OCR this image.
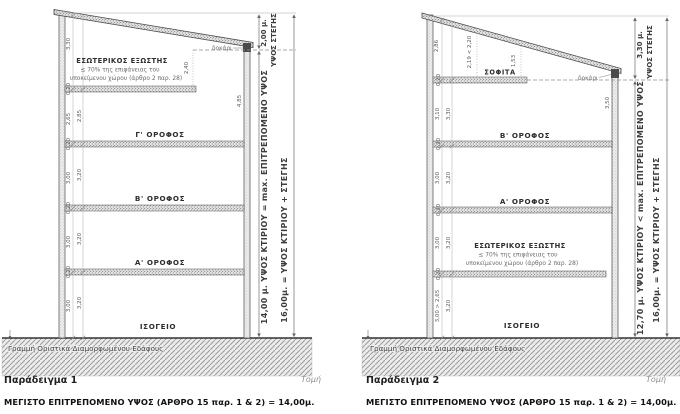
3,00
0,20
3,20
3,00
0,20
3,20
3,00
0,20
3,20
2,65
0,20
2,85
3,30
2,40
4,85
ΙΣΟΓΕΙΟ
Α' ΟΡΟΦΟΣ
Β' ΟΡΟΦΟΣ
Γ' ΟΡΟΦΟΣ
ΕΣΩΤΕΡΙΚΟΣ ΕΞΩΣΤΗΣ
≤ 70% της επιφάνειας του
υποκείμενου χώρου (άρθρο 2 παρ. 28)
δοκάρι
2,00 μ. ΥΨΟΣ ΣΤΕΓΗΣ
14,00 μ. ΥΨΟΣ ΚΤΙΡΙΟΥ = max. ΕΠΙΤΡΕΠΟΜΕΝΟ ΥΨΟΣ 16,00μ. = ΥΨΟΣ ΚΤΙΡΙΟΥ + ΣΤΕΓΗΣ
Γραμμή Οριστικά Διαμορφωμένου Εδάφους
Παράδειγμα 1	Τομή
ΜΕΓΙΣΤΟ ΕΠΙΤΡΕΠΟΜΕΝΟ ΥΨΟΣ (ΑΡΘΡΟ 15 παρ. 1 & 2) = 14,00μ.
3,00 > 2,65 3,20
0,20
3,00 3,20
0,20
3,00 3,20
0,20
3,10 3,30
0,20
2,86	2,19 < 2,20	1,53
3,50
ΙΣΟΓΕΙΟ
Α' ΟΡΟΦΟΣ
Β' ΟΡΟΦΟΣ
ΣΟΦΙΤΑ
ΕΣΩΤΕΡΙΚΟΣ ΕΞΩΣΤΗΣ
≤ 70% της επιφάνειας του
υποκείμενου χώρου (άρθρο 2 παρ. 28)
δοκάρι
3,30 μ. ΥΨΟΣ ΣΤΕΓΗΣ
12,70 μ. ΥΨΟΣ ΚΤΙΡΙΟΥ < max. ΕΠΙΤΡΕΠΟΜΕΝΟ ΥΨΟΣ 16,00μ. = ΥΨΟΣ ΚΤΙΡΙΟΥ + ΣΤΕΓΗΣ
Γραμμή Οριστικά Διαμορφωμένου Εδάφους
Παράδειγμα 2	Τομή
ΜΕΓΙΣΤΟ ΕΠΙΤΡΕΠΟΜΕΝΟ ΥΨΟΣ (ΑΡΘΡΟ 15 παρ. 1 & 2) = 14,00μ.
